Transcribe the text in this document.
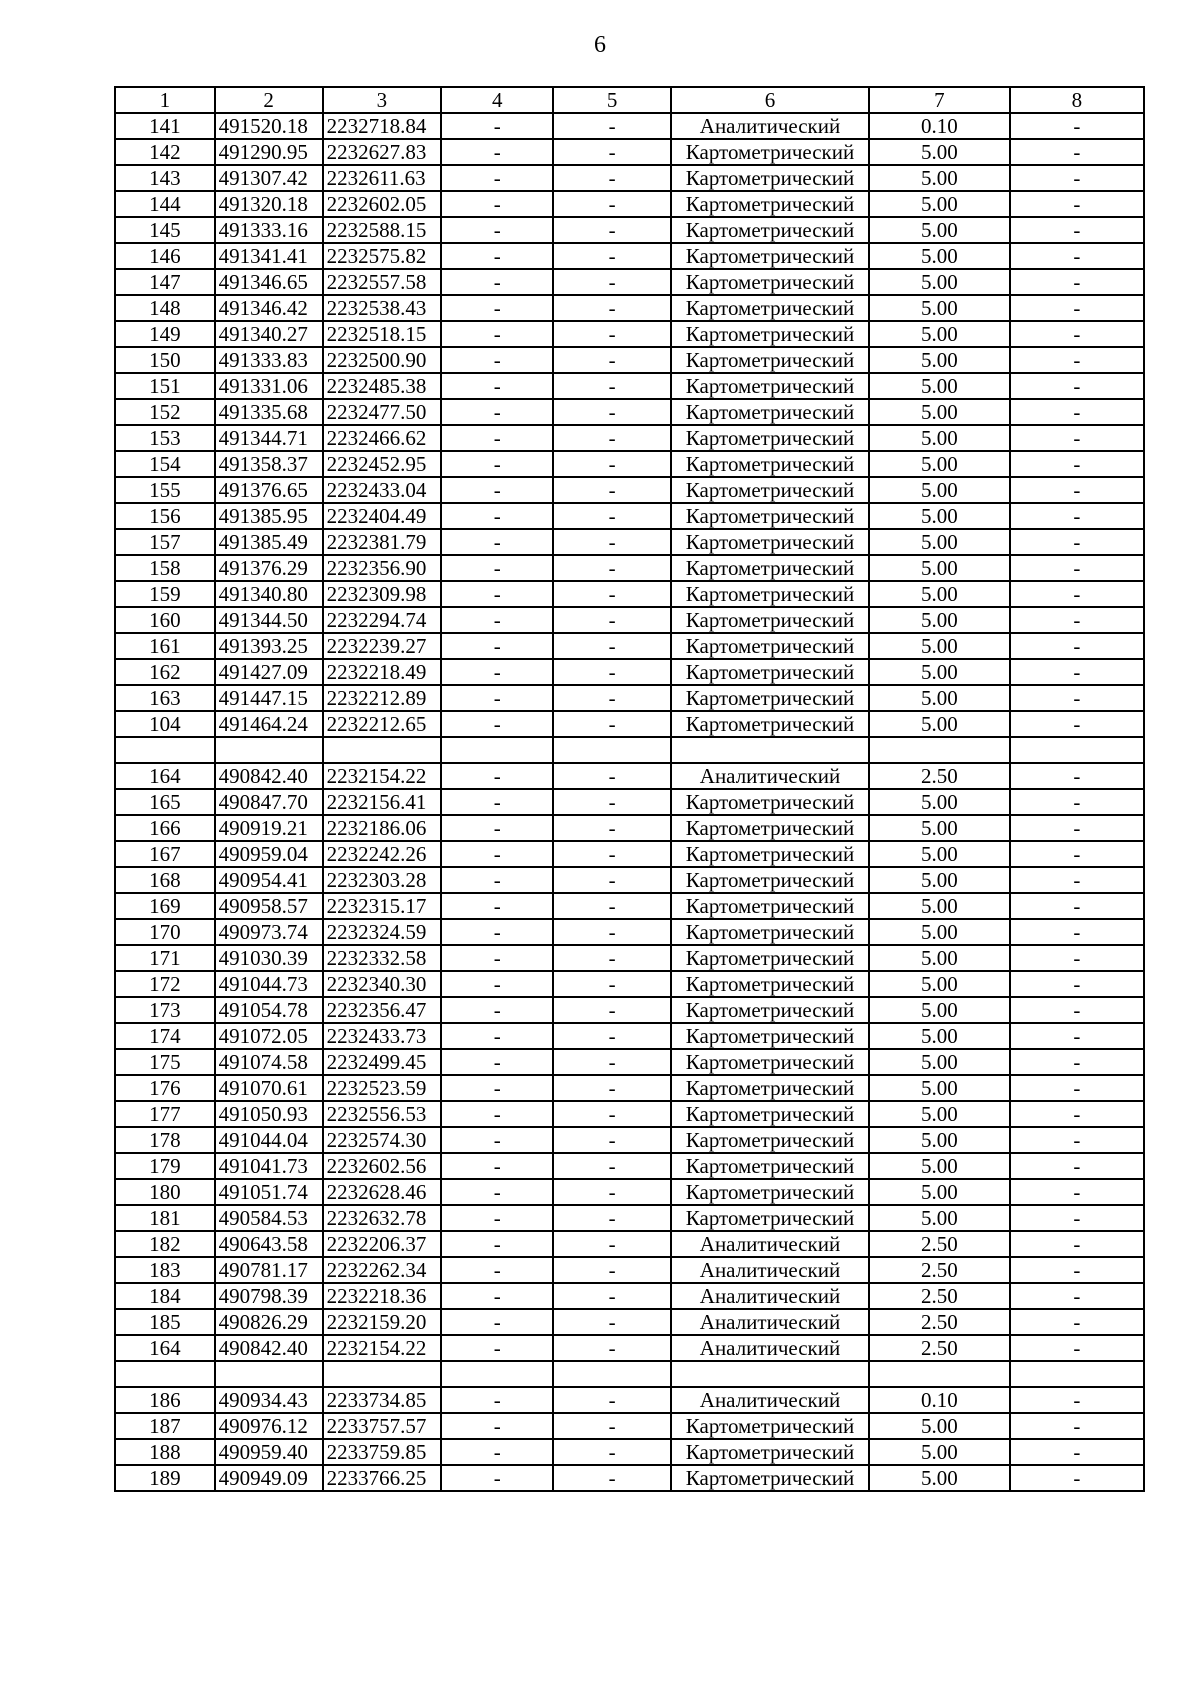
6
1	2	3	4	5	6	7	8
141	491520.18	2232718.84	-	-	Аналитический	0.10	-
142	491290.95	2232627.83	-	-	Картометрический	5.00	-
143	491307.42	2232611.63	-	-	Картометрический	5.00	-
144	491320.18	2232602.05	-	-	Картометрический	5.00	-
145	491333.16	2232588.15	-	-	Картометрический	5.00	-
146	491341.41	2232575.82	-	-	Картометрический	5.00	-
147	491346.65	2232557.58	-	-	Картометрический	5.00	-
148	491346.42	2232538.43	-	-	Картометрический	5.00	-
149	491340.27	2232518.15	-	-	Картометрический	5.00	-
150	491333.83	2232500.90	-	-	Картометрический	5.00	-
151	491331.06	2232485.38	-	-	Картометрический	5.00	-
152	491335.68	2232477.50	-	-	Картометрический	5.00	-
153	491344.71	2232466.62	-	-	Картометрический	5.00	-
154	491358.37	2232452.95	-	-	Картометрический	5.00	-
155	491376.65	2232433.04	-	-	Картометрический	5.00	-
156	491385.95	2232404.49	-	-	Картометрический	5.00	-
157	491385.49	2232381.79	-	-	Картометрический	5.00	-
158	491376.29	2232356.90	-	-	Картометрический	5.00	-
159	491340.80	2232309.98	-	-	Картометрический	5.00	-
160	491344.50	2232294.74	-	-	Картометрический	5.00	-
161	491393.25	2232239.27	-	-	Картометрический	5.00	-
162	491427.09	2232218.49	-	-	Картометрический	5.00	-
163	491447.15	2232212.89	-	-	Картометрический	5.00	-
104	491464.24	2232212.65	-	-	Картометрический	5.00	-

164	490842.40	2232154.22	-	-	Аналитический	2.50	-
165	490847.70	2232156.41	-	-	Картометрический	5.00	-
166	490919.21	2232186.06	-	-	Картометрический	5.00	-
167	490959.04	2232242.26	-	-	Картометрический	5.00	-
168	490954.41	2232303.28	-	-	Картометрический	5.00	-
169	490958.57	2232315.17	-	-	Картометрический	5.00	-
170	490973.74	2232324.59	-	-	Картометрический	5.00	-
171	491030.39	2232332.58	-	-	Картометрический	5.00	-
172	491044.73	2232340.30	-	-	Картометрический	5.00	-
173	491054.78	2232356.47	-	-	Картометрический	5.00	-
174	491072.05	2232433.73	-	-	Картометрический	5.00	-
175	491074.58	2232499.45	-	-	Картометрический	5.00	-
176	491070.61	2232523.59	-	-	Картометрический	5.00	-
177	491050.93	2232556.53	-	-	Картометрический	5.00	-
178	491044.04	2232574.30	-	-	Картометрический	5.00	-
179	491041.73	2232602.56	-	-	Картометрический	5.00	-
180	491051.74	2232628.46	-	-	Картометрический	5.00	-
181	490584.53	2232632.78	-	-	Картометрический	5.00	-
182	490643.58	2232206.37	-	-	Аналитический	2.50	-
183	490781.17	2232262.34	-	-	Аналитический	2.50	-
184	490798.39	2232218.36	-	-	Аналитический	2.50	-
185	490826.29	2232159.20	-	-	Аналитический	2.50	-
164	490842.40	2232154.22	-	-	Аналитический	2.50	-

186	490934.43	2233734.85	-	-	Аналитический	0.10	-
187	490976.12	2233757.57	-	-	Картометрический	5.00	-
188	490959.40	2233759.85	-	-	Картометрический	5.00	-
189	490949.09	2233766.25	-	-	Картометрический	5.00	-
